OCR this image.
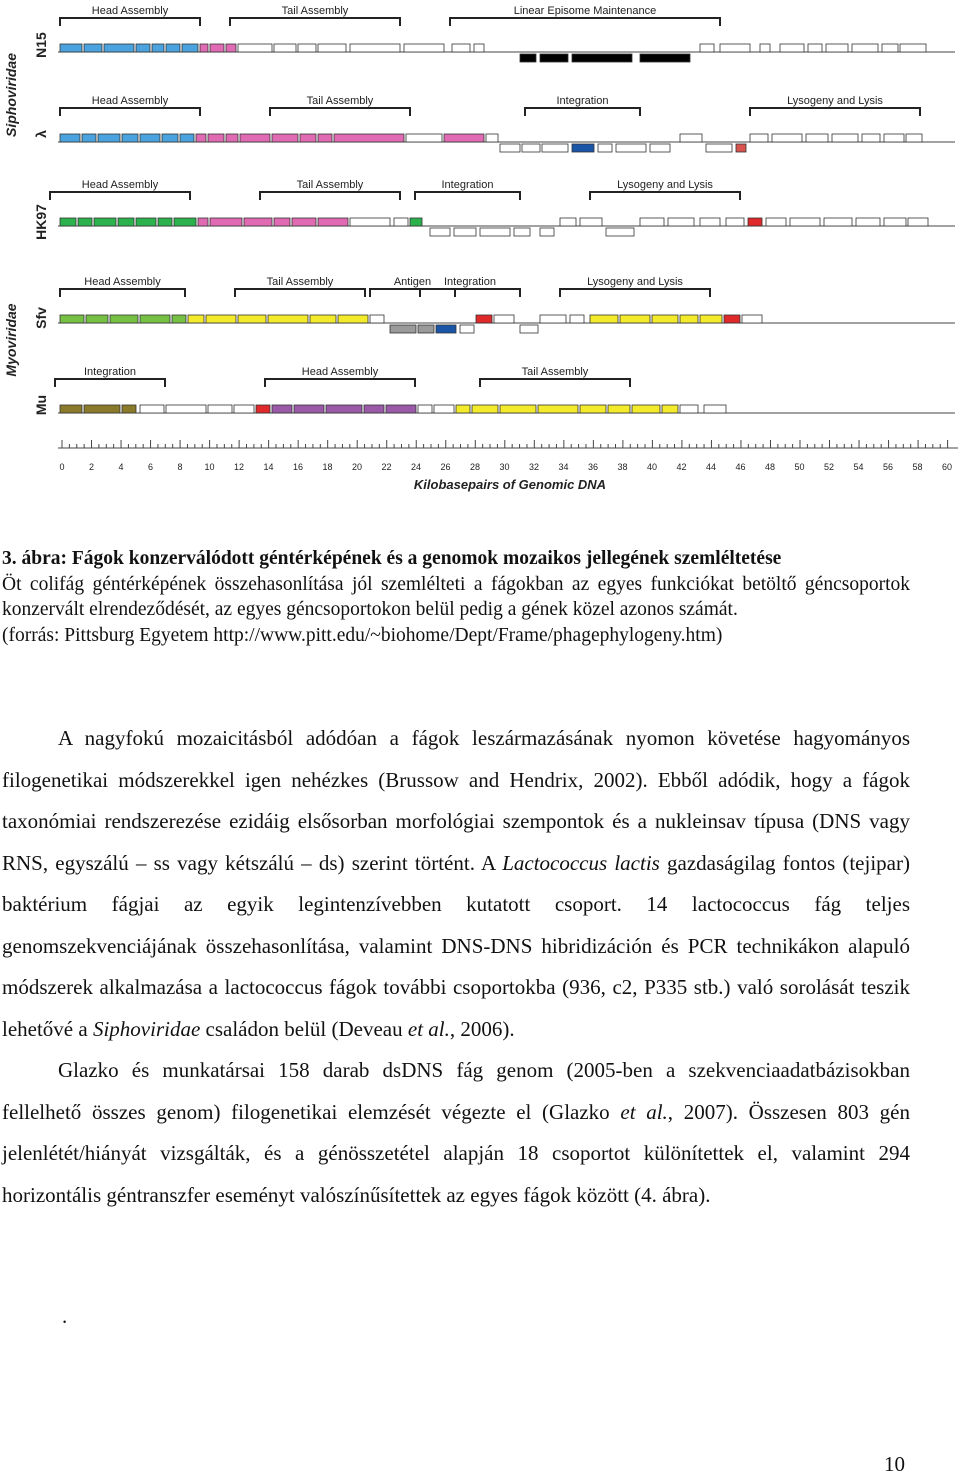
Siphoviridae
Myoviridae
N15
Head Assembly	Tail Assembly	Linear Episome Maintenance
λ
Head Assembly	Tail Assembly	Integration	Lysogeny and Lysis
HK97
Head Assembly	Tail Assembly	Integration	Lysogeny and Lysis
Sfv
Head Assembly	Tail Assembly	Antigen Integration	Lysogeny and Lysis
Mu
Integration	Head Assembly	Tail Assembly
0	2	4	6	8 10 12 14 16 18 20 22 24 26 28 30 32 34 36 38 40 42 44 46 48 50 52 54 56 58 60
Kilobasepairs of Genomic DNA

3. ábra: Fágok konzerválódott géntérképének és a genomok mozaikos jellegének szemléltetése

Öt colifág géntérképének összehasonlítása jól szemlélteti a fágokban az egyes funkciókat betöltő géncsoportok konzervált elrendeződését, az egyes géncsoportokon belül pedig a gének közel azonos számát.

(forrás: Pittsburg Egyetem http://www.pitt.edu/~biohome/Dept/Frame/phagephylogeny.htm)

A nagyfokú mozaicitásból adódóan a fágok leszármazásának nyomon követése hagyományos filogenetikai módszerekkel igen nehézkes (Brussow and Hendrix, 2002). Ebből adódik, hogy a fágok taxonómiai rendszerezése ezidáig elsősorban morfológiai szempontok és a nukleinsav típusa (DNS vagy RNS, egyszálú – ss vagy kétszálú – ds) szerint történt. A Lactococcus lactis gazdaságilag fontos (tejipar) baktérium fágjai az egyik legintenzívebben kutatott csoport. 14 lactococcus fág teljes genomszekvenciájának összehasonlítása, valamint DNS-DNS hibridizáción és PCR technikákon alapuló módszerek alkalmazása a lactococcus fágok további csoportokba (936, c2, P335 stb.) való sorolását teszik lehetővé a Siphoviridae családon belül (Deveau et al., 2006).

Glazko és munkatársai 158 darab dsDNS fág genom (2005-ben a szekvenciaadatbázisokban fellelhető összes genom) filogenetikai elemzését végezte el (Glazko et al., 2007). Összesen 803 gén jelenlétét/hiányát vizsgálták, és a génösszetétel alapján 18 csoportot különítettek el, valamint 294 horizontális géntranszfer eseményt valószínűsítettek az egyes fágok között (4. ábra).

.
10
